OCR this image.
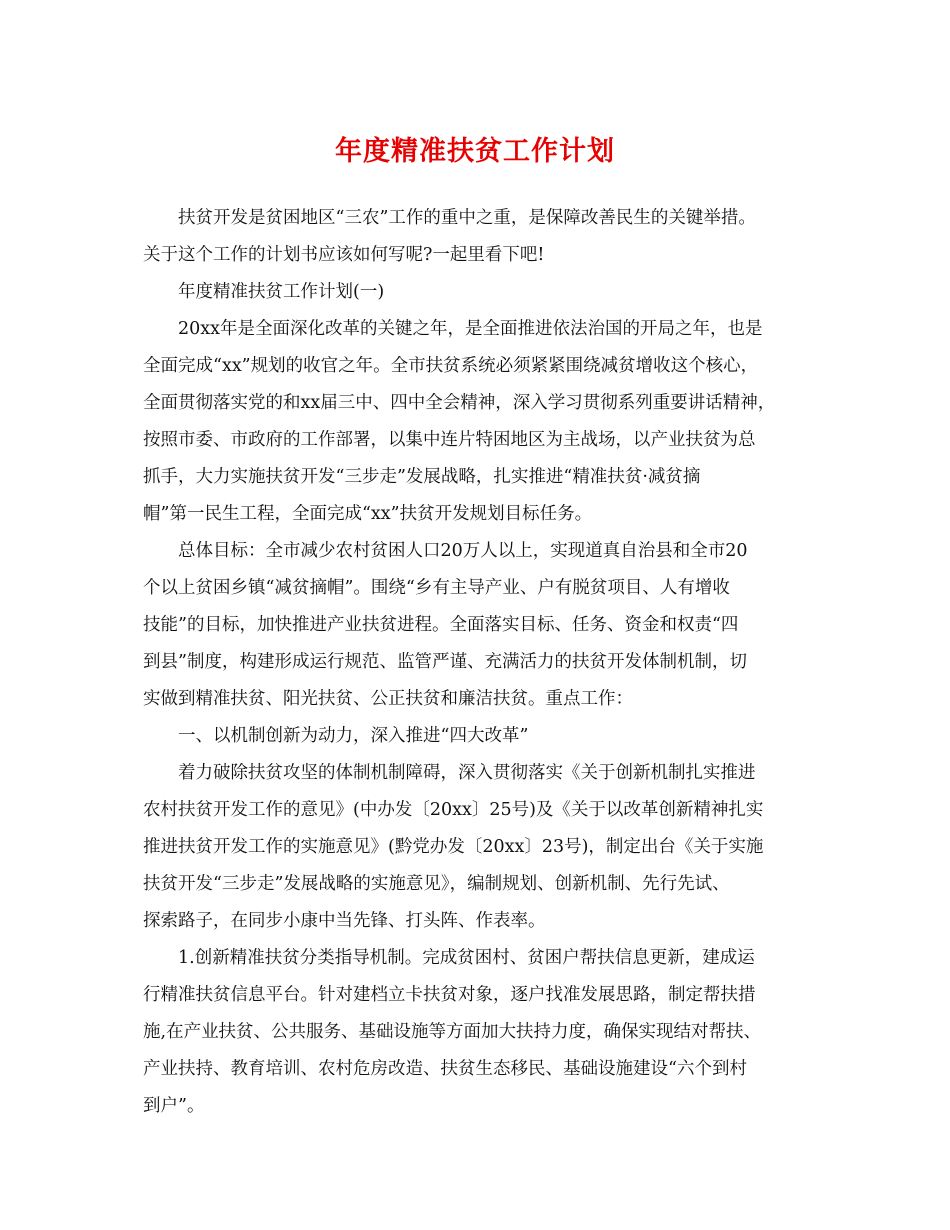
年度精准扶贫工作计划
扶贫开发是贫困地区“三农”工作的重中之重，是保障改善民生的关键举措。
关于这个工作的计划书应该如何写呢?一起里看下吧!
年度精准扶贫工作计划(一)
20xx年是全面深化改革的关键之年，是全面推进依法治国的开局之年，也是
全面完成“xx”规划的收官之年。全市扶贫系统必须紧紧围绕减贫增收这个核心，
全面贯彻落实党的和xx届三中、四中全会精神，深入学习贯彻系列重要讲话精神，
按照市委、市政府的工作部署，以集中连片特困地区为主战场，以产业扶贫为总
抓手，大力实施扶贫开发“三步走”发展战略，扎实推进“精准扶贫·减贫摘
帽”第一民生工程，全面完成“xx”扶贫开发规划目标任务。
总体目标：全市减少农村贫困人口20万人以上，实现道真自治县和全市20
个以上贫困乡镇“减贫摘帽”。围绕“乡有主导产业、户有脱贫项目、人有增收
技能”的目标，加快推进产业扶贫进程。全面落实目标、任务、资金和权责“四
到县”制度，构建形成运行规范、监管严谨、充满活力的扶贫开发体制机制，切
实做到精准扶贫、阳光扶贫、公正扶贫和廉洁扶贫。重点工作：
一、以机制创新为动力，深入推进“四大改革”
着力破除扶贫攻坚的体制机制障碍，深入贯彻落实《关于创新机制扎实推进
农村扶贫开发工作的意见》(中办发〔20xx〕25号)及《关于以改革创新精神扎实
推进扶贫开发工作的实施意见》(黔党办发〔20xx〕23号)，制定出台《关于实施
扶贫开发“三步走”发展战略的实施意见》，编制规划、创新机制、先行先试、
探索路子，在同步小康中当先锋、打头阵、作表率。
1.创新精准扶贫分类指导机制。完成贫困村、贫困户帮扶信息更新，建成运
行精准扶贫信息平台。针对建档立卡扶贫对象，逐户找准发展思路，制定帮扶措
施,在产业扶贫、公共服务、基础设施等方面加大扶持力度，确保实现结对帮扶、
产业扶持、教育培训、农村危房改造、扶贫生态移民、基础设施建设“六个到村
到户”。
